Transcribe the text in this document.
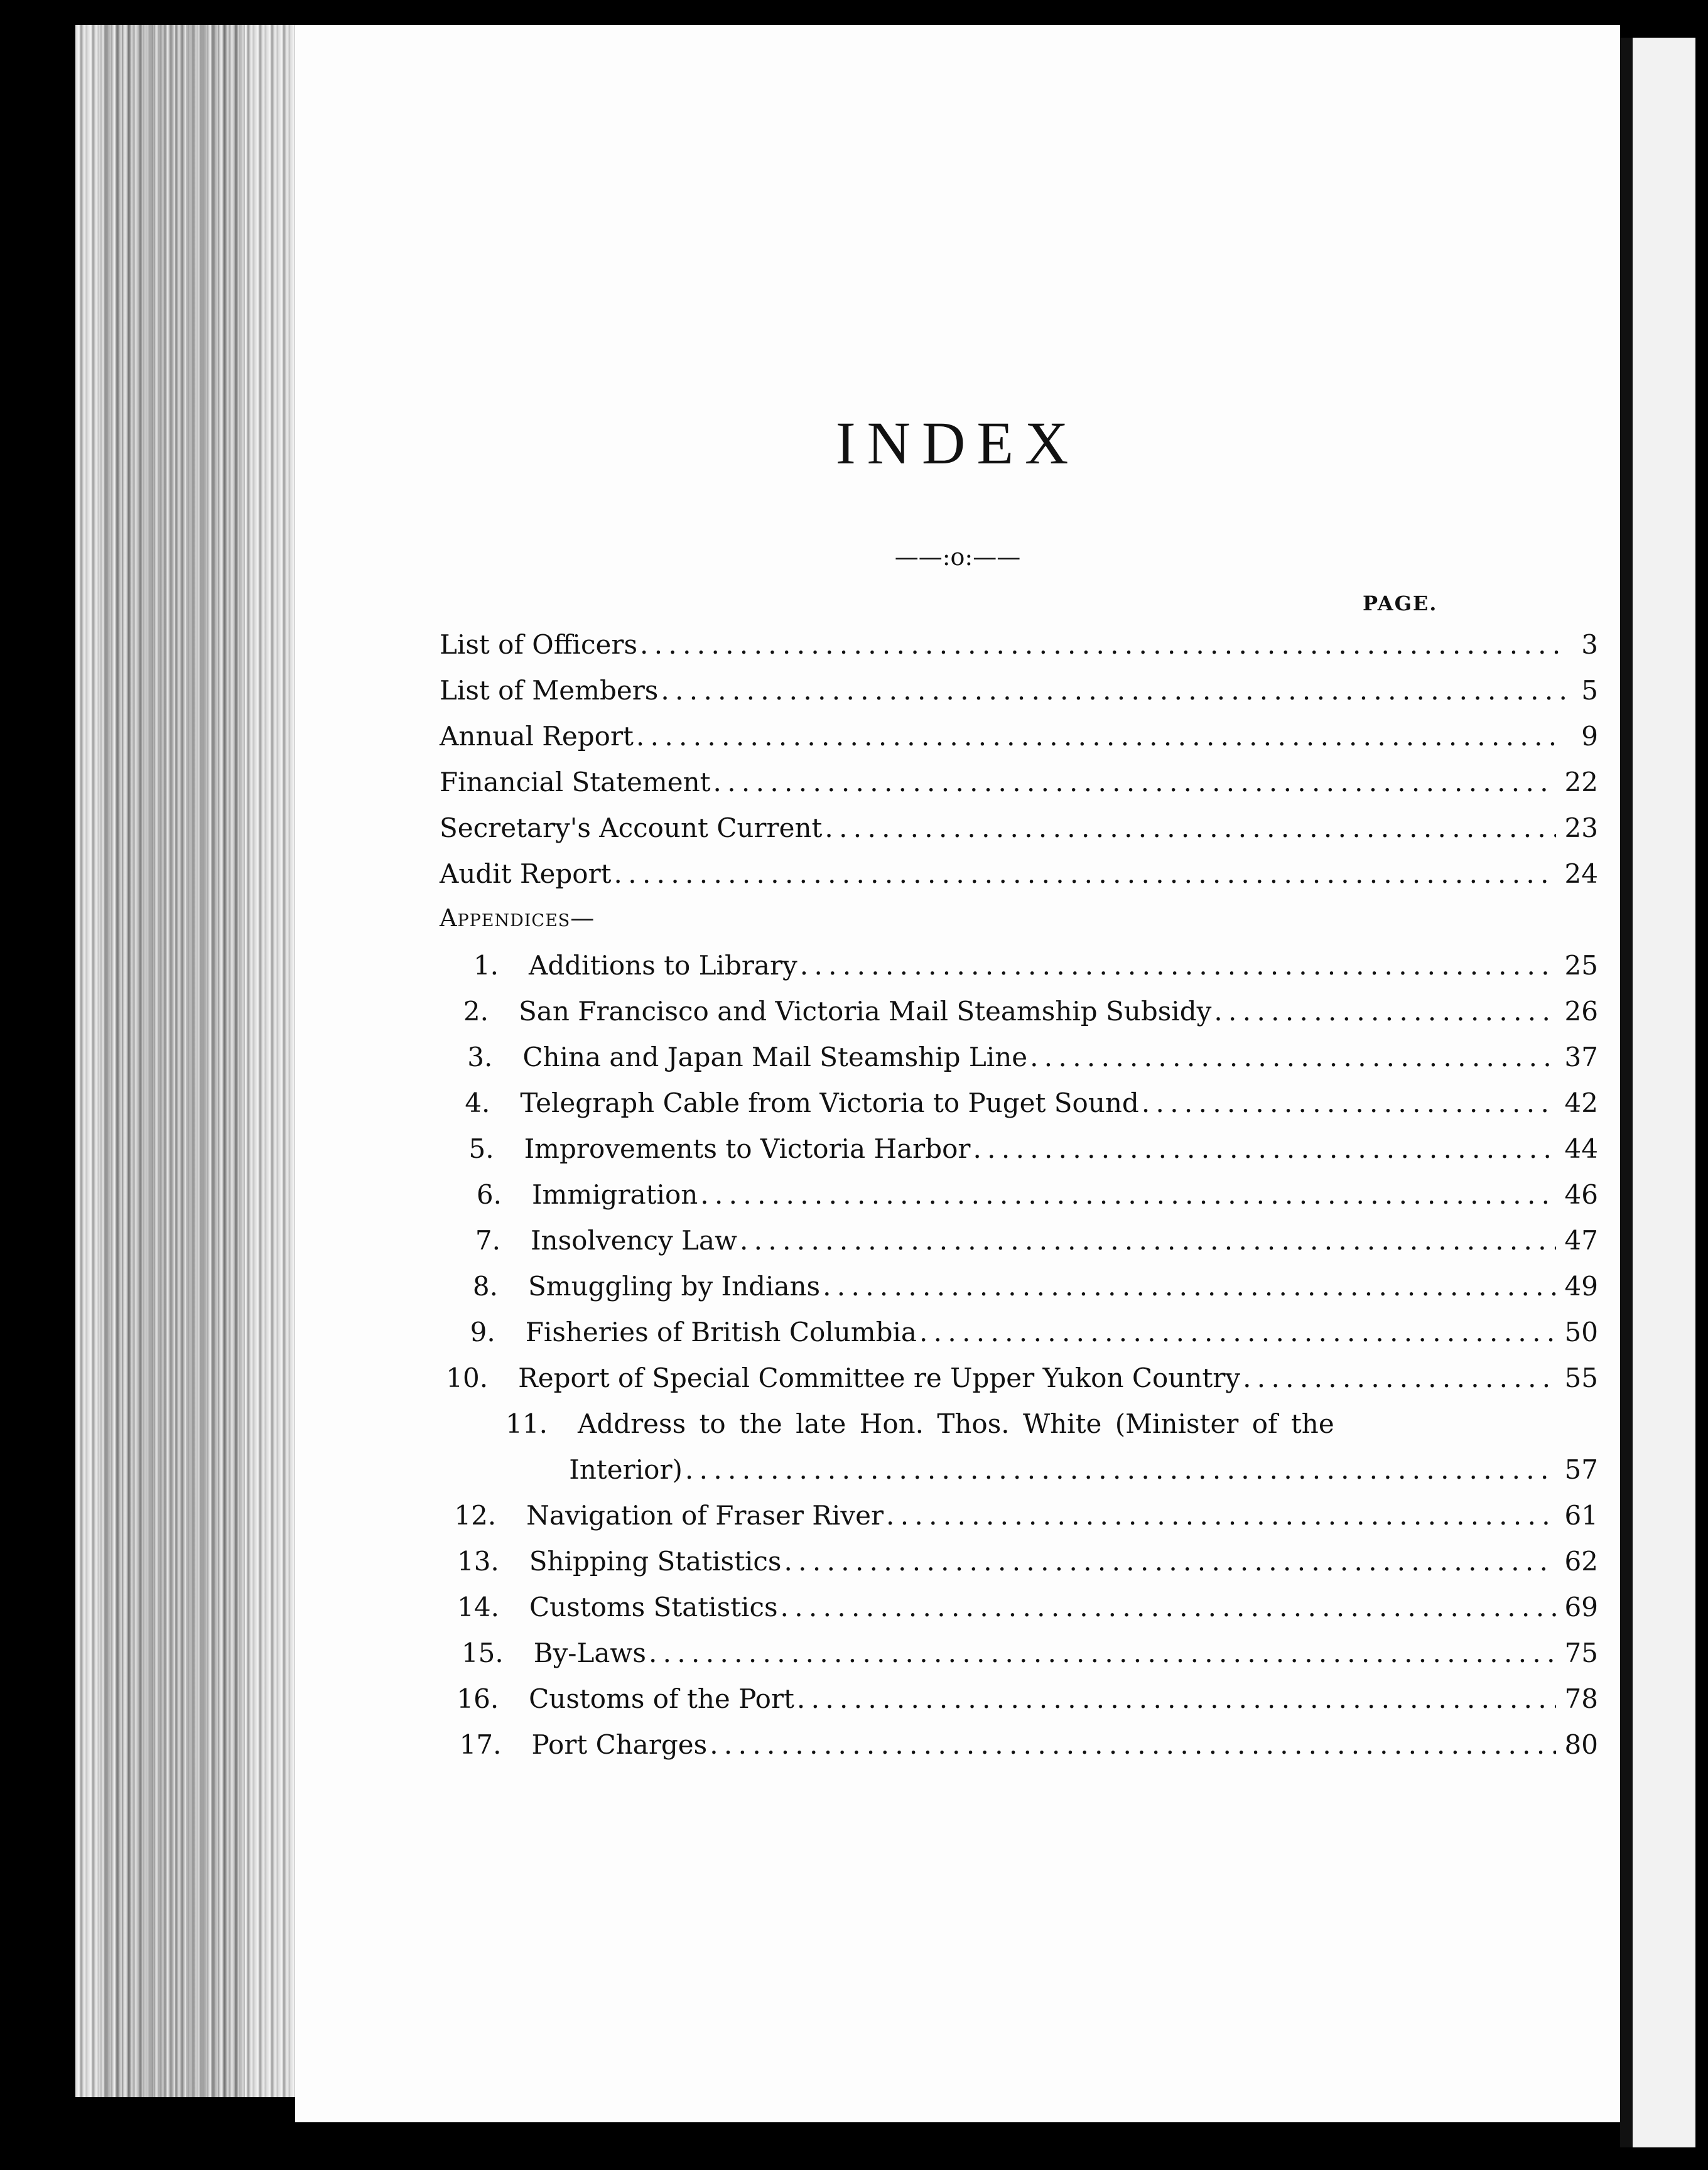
INDEX
——:o:——
PAGE.
List of Officers . . .	3
List of Members . . .	5
Annual Report . . .	9
Financial Statement . . .	22
Secretary's Account Current . . .	23
Audit Report . . .	24
Appendices—
1.	Additions to Library . . .	25
2.	San Francisco and Victoria Mail Steamship Subsidy . . .	26
3.	China and Japan Mail Steamship Line . . .	37
4.	Telegraph Cable from Victoria to Puget Sound . . .	42
5.	Improvements to Victoria Harbor . . .	44
6.	Immigration . . .	46
7.	Insolvency Law . . .	47
8.	Smuggling by Indians . . .	49
9.	Fisheries of British Columbia . . .	50
10.	Report of Special Committee re Upper Yukon Country . . .	55
11.	Address to the late Hon. Thos. White (Minister of the
Interior) . . .	57
12.	Navigation of Fraser River . . .	61
13.	Shipping Statistics . . .	62
14.	Customs Statistics . . .	69
15.	By-Laws . . .	75
16.	Customs of the Port . . .	78
17.	Port Charges . . .	80
